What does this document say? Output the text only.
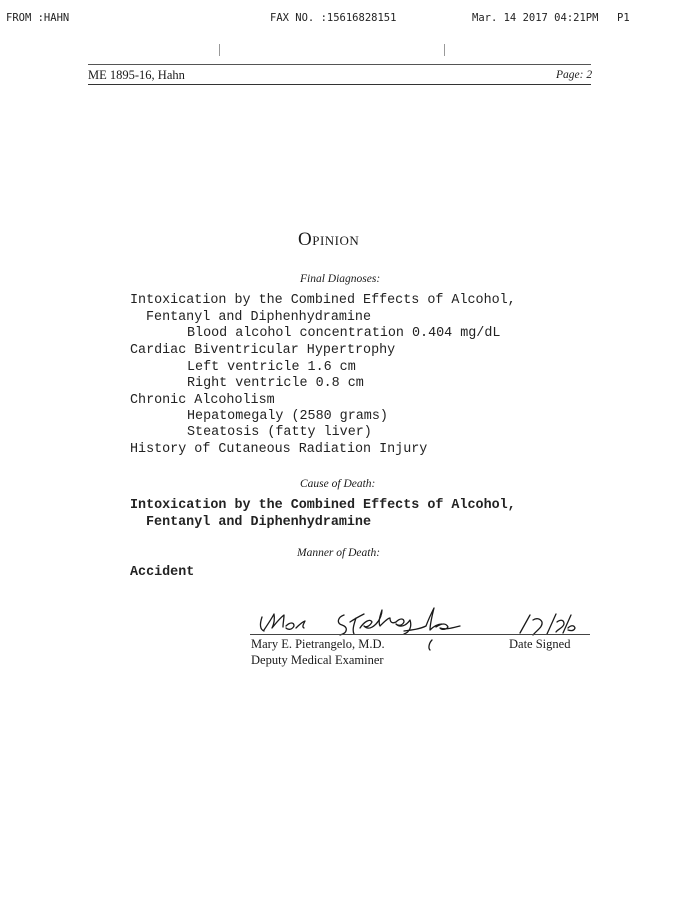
FROM :HAHN	FAX NO. :15616828151	Mar. 14 2017 04:21PM P1
ME 1895-16, Hahn	Page: 2
Opinion
Final Diagnoses:
Intoxication by the Combined Effects of Alcohol,
Fentanyl and Diphenhydramine
Blood alcohol concentration 0.404 mg/dL
Cardiac Biventricular Hypertrophy
Left ventricle 1.6 cm
Right ventricle 0.8 cm
Chronic Alcoholism
Hepatomegaly (2580 grams)
Steatosis (fatty liver)
History of Cutaneous Radiation Injury
Cause of Death:
Intoxication by the Combined Effects of Alcohol,
Fentanyl and Diphenhydramine
Manner of Death:
Accident
Mary E. Pietrangelo, M.D.	Date Signed
Deputy Medical Examiner
